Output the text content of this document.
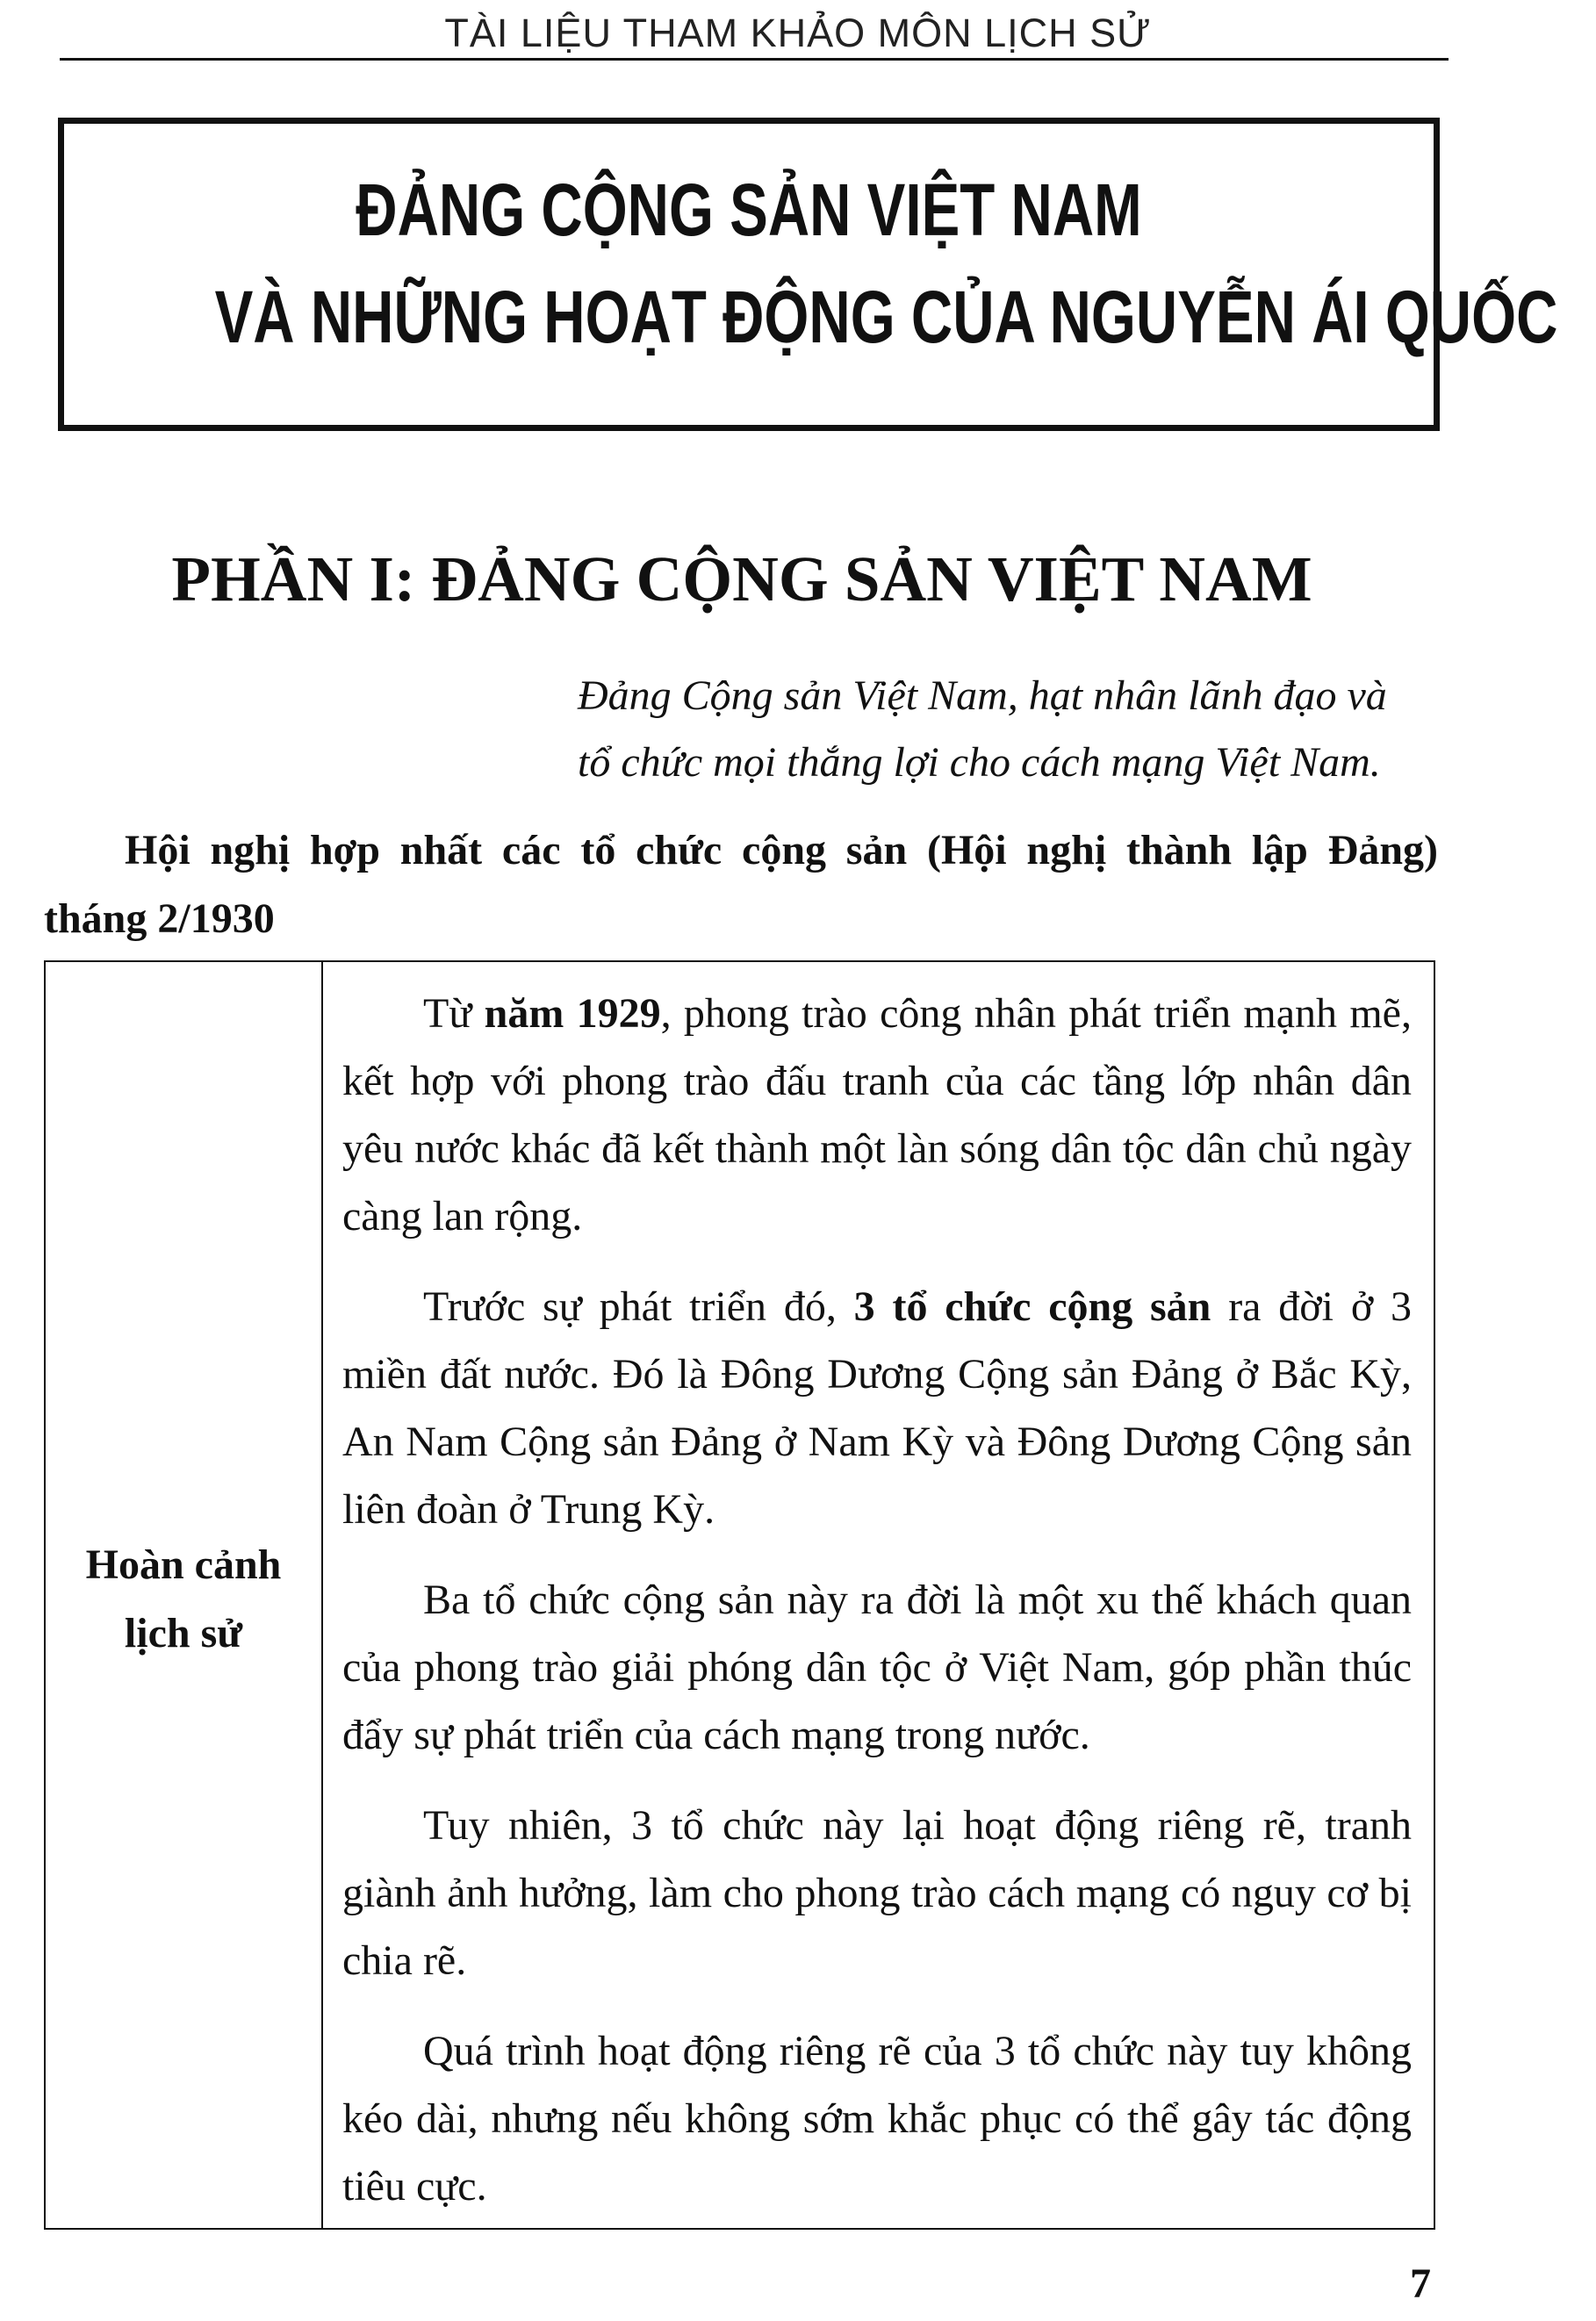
TÀI LIỆU THAM KHẢO MÔN LỊCH SỬ
ĐẢNG CỘNG SẢN VIỆT NAM
VÀ NHỮNG HOẠT ĐỘNG CỦA NGUYỄN ÁI QUỐC
PHẦN I: ĐẢNG CỘNG SẢN VIỆT NAM
Đảng Cộng sản Việt Nam, hạt nhân lãnh đạo và
tổ chức mọi thắng lợi cho cách mạng Việt Nam.
Hội nghị hợp nhất các tổ chức cộng sản (Hội nghị thành lập Đảng)
tháng 2/1930
Hoàn cảnh
lịch sử

Từ năm 1929, phong trào công nhân phát triển mạnh mẽ, kết hợp với phong trào đấu tranh của các tầng lớp nhân dân yêu nước khác đã kết thành một làn sóng dân tộc dân chủ ngày càng lan rộng.

Trước sự phát triển đó, 3 tổ chức cộng sản ra đời ở 3 miền đất nước. Đó là Đông Dương Cộng sản Đảng ở Bắc Kỳ, An Nam Cộng sản Đảng ở Nam Kỳ và Đông Dương Cộng sản liên đoàn ở Trung Kỳ.

Ba tổ chức cộng sản này ra đời là một xu thế khách quan của phong trào giải phóng dân tộc ở Việt Nam, góp phần thúc đẩy sự phát triển của cách mạng trong nước.

Tuy nhiên, 3 tổ chức này lại hoạt động riêng rẽ, tranh giành ảnh hưởng, làm cho phong trào cách mạng có nguy cơ bị chia rẽ.

Quá trình hoạt động riêng rẽ của 3 tổ chức này tuy không kéo dài, nhưng nếu không sớm khắc phục có thể gây tác động tiêu cực.

7
